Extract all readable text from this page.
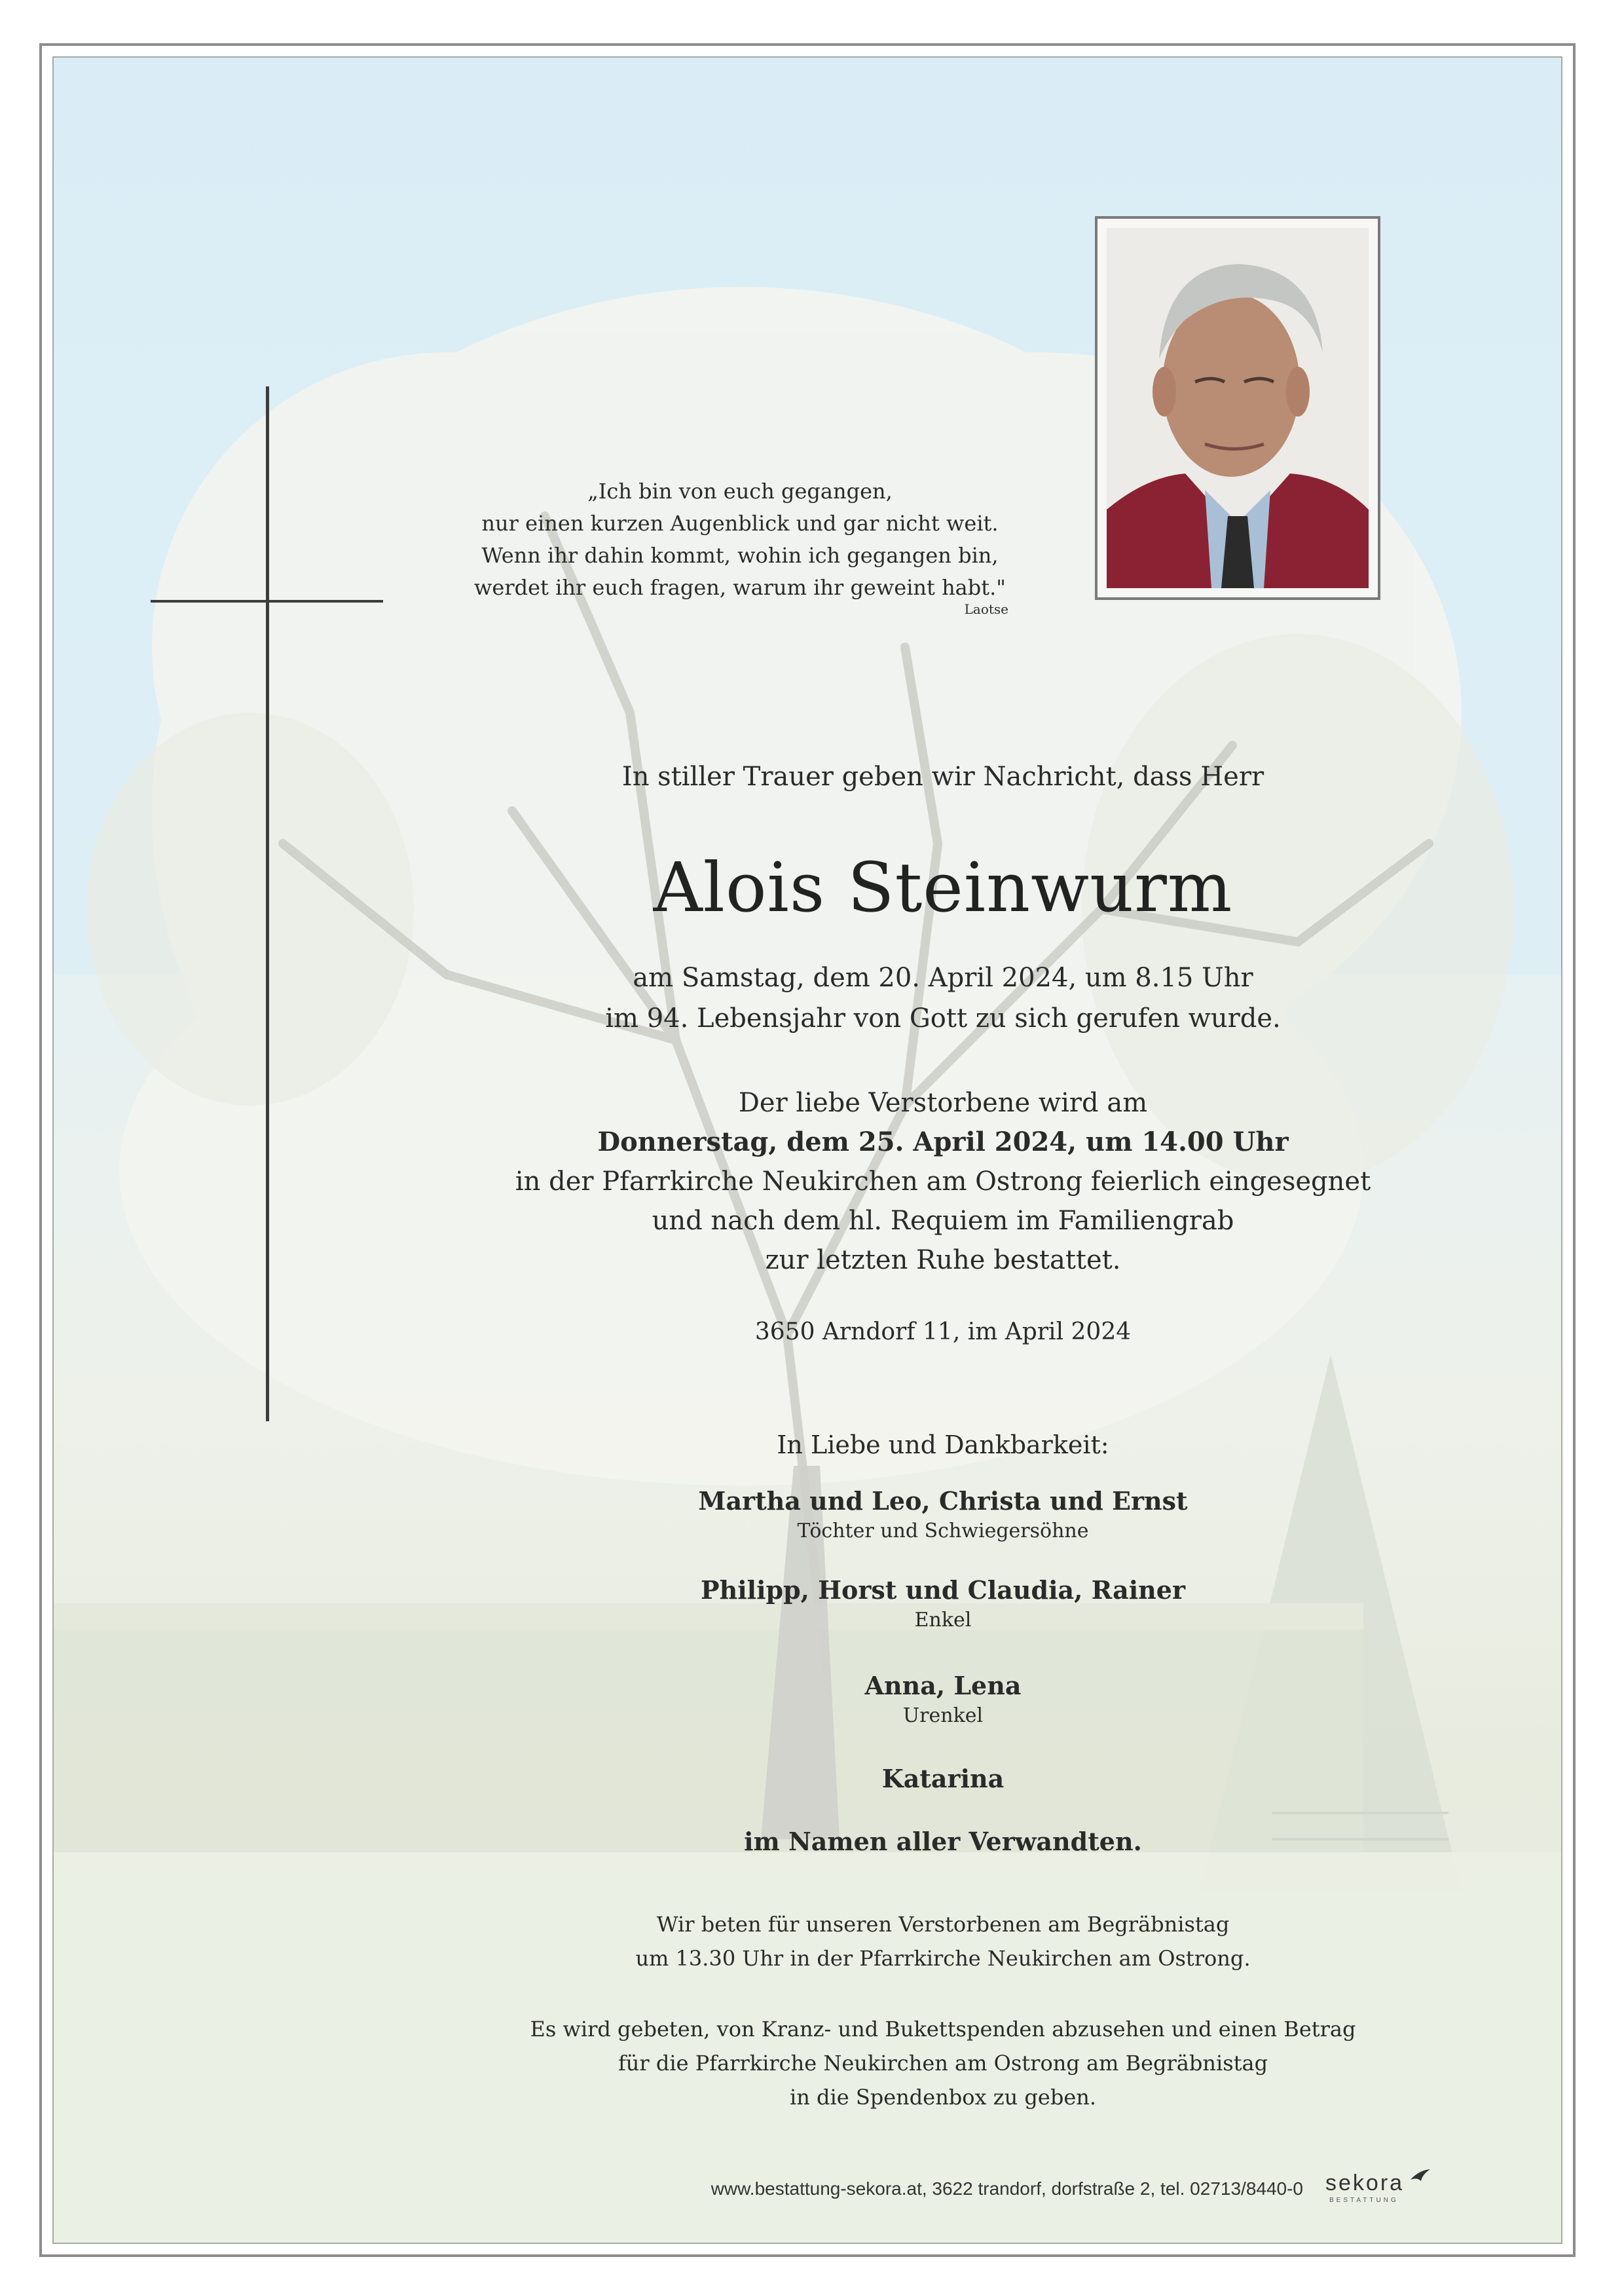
„Ich bin von euch gegangen,
nur einen kurzen Augenblick und gar nicht weit.
Wenn ihr dahin kommt, wohin ich gegangen bin,
werdet ihr euch fragen, warum ihr geweint habt."
Laotse
In stiller Trauer geben wir Nachricht, dass Herr
Alois Steinwurm
am Samstag, dem 20. April 2024, um 8.15 Uhr
im 94. Lebensjahr von Gott zu sich gerufen wurde.
Der liebe Verstorbene wird am
Donnerstag, dem 25. April 2024, um 14.00 Uhr
in der Pfarrkirche Neukirchen am Ostrong feierlich eingesegnet
und nach dem hl. Requiem im Familiengrab
zur letzten Ruhe bestattet.
3650 Arndorf 11, im April 2024
In Liebe und Dankbarkeit:
Martha und Leo, Christa und Ernst
Töchter und Schwiegersöhne
Philipp, Horst und Claudia, Rainer
Enkel
Anna, Lena
Urenkel
Katarina
im Namen aller Verwandten.
Wir beten für unseren Verstorbenen am Begräbnistag
um 13.30 Uhr in der Pfarrkirche Neukirchen am Ostrong.
Es wird gebeten, von Kranz- und Bukettspenden abzusehen und einen Betrag
für die Pfarrkirche Neukirchen am Ostrong am Begräbnistag
in die Spendenbox zu geben.
www.bestattung-sekora.at, 3622 trandorf, dorfstraße 2, tel. 02713/8440-0 sekora
BESTATTUNG
